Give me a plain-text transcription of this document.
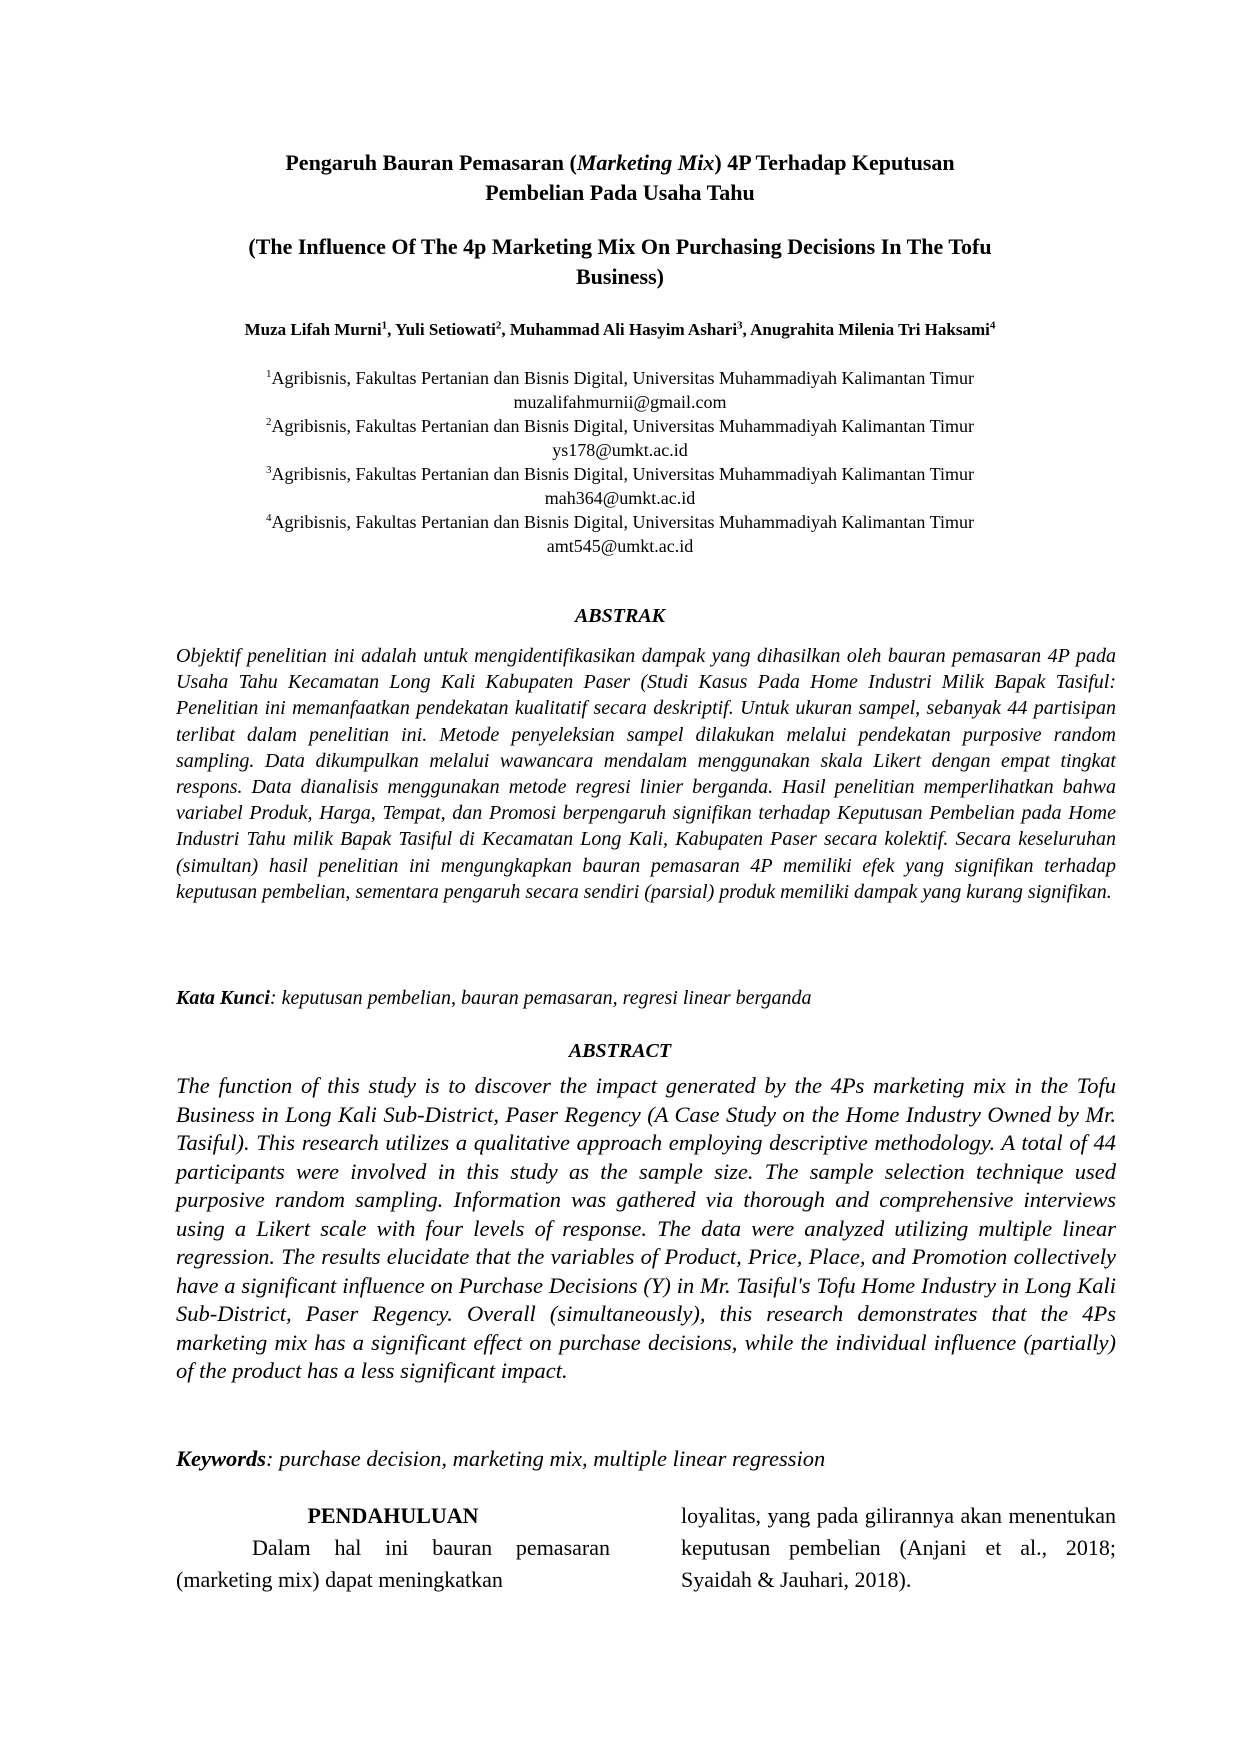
Pengaruh Bauran Pemasaran (Marketing Mix) 4P Terhadap Keputusan
Pembelian Pada Usaha Tahu
(The Influence Of The 4p Marketing Mix On Purchasing Decisions In The Tofu
Business)
Muza Lifah Murni$^1$, Yuli Setiowati$^2$, Muhammad Ali Hasyim Ashari$^3$, Anugrahita Milenia Tri Haksami$^4$
$^1$Agribisnis, Fakultas Pertanian dan Bisnis Digital, Universitas Muhammadiyah Kalimantan Timur
muzalifahmurnii@gmail.com
$^2$Agribisnis, Fakultas Pertanian dan Bisnis Digital, Universitas Muhammadiyah Kalimantan Timur
ys178@umkt.ac.id
$^3$Agribisnis, Fakultas Pertanian dan Bisnis Digital, Universitas Muhammadiyah Kalimantan Timur
mah364@umkt.ac.id
$^4$Agribisnis, Fakultas Pertanian dan Bisnis Digital, Universitas Muhammadiyah Kalimantan Timur
amt545@umkt.ac.id
ABSTRAK
Objektif penelitian ini adalah untuk mengidentifikasikan dampak yang dihasilkan oleh bauran pemasaran 4P pada Usaha Tahu Kecamatan Long Kali Kabupaten Paser (Studi Kasus Pada Home Industri Milik Bapak Tasiful: Penelitian ini memanfaatkan pendekatan kualitatif secara deskriptif. Untuk ukuran sampel, sebanyak 44 partisipan terlibat dalam penelitian ini. Metode penyeleksian sampel dilakukan melalui pendekatan purposive random sampling. Data dikumpulkan melalui wawancara mendalam menggunakan skala Likert dengan empat tingkat respons. Data dianalisis menggunakan metode regresi linier berganda. Hasil penelitian memperlihatkan bahwa variabel Produk, Harga, Tempat, dan Promosi berpengaruh signifikan terhadap Keputusan Pembelian pada Home Industri Tahu milik Bapak Tasiful di Kecamatan Long Kali, Kabupaten Paser secara kolektif. Secara keseluruhan (simultan) hasil penelitian ini mengungkapkan bauran pemasaran 4P memiliki efek yang signifikan terhadap keputusan pembelian, sementara pengaruh secara sendiri (parsial) produk memiliki dampak yang kurang signifikan.
Kata Kunci: keputusan pembelian, bauran pemasaran, regresi linear berganda
ABSTRACT
The function of this study is to discover the impact generated by the 4Ps marketing mix in the Tofu Business in Long Kali Sub-District, Paser Regency (A Case Study on the Home Industry Owned by Mr. Tasiful). This research utilizes a qualitative approach employing descriptive methodology. A total of 44 participants were involved in this study as the sample size. The sample selection technique used purposive random sampling. Information was gathered via thorough and comprehensive interviews using a Likert scale with four levels of response. The data were analyzed utilizing multiple linear regression. The results elucidate that the variables of Product, Price, Place, and Promotion collectively have a significant influence on Purchase Decisions (Y) in Mr. Tasiful's Tofu Home Industry in Long Kali Sub-District, Paser Regency. Overall (simultaneously), this research demonstrates that the 4Ps marketing mix has a significant effect on purchase decisions, while the individual influence (partially) of the product has a less significant impact.
Keywords: purchase decision, marketing mix, multiple linear regression
PENDAHULUAN
Dalam hal ini bauran pemasaran (marketing mix) dapat meningkatkan
loyalitas, yang pada gilirannya akan menentukan keputusan pembelian (Anjani et al., 2018; Syaidah & Jauhari, 2018).
